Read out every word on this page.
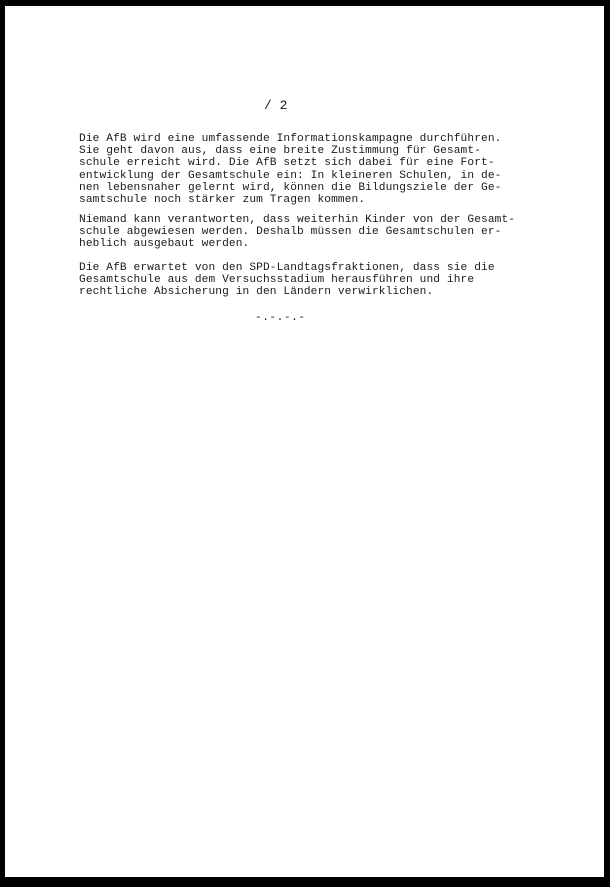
/ 2

Die AfB wird eine umfassende Informationskampagne durchführen.
Sie geht davon aus, dass eine breite Zustimmung für Gesamt-
schule erreicht wird. Die AfB setzt sich dabei für eine Fort-
entwicklung der Gesamtschule ein: In kleineren Schulen, in de-
nen lebensnaher gelernt wird, können die Bildungsziele der Ge-
samtschule noch stärker zum Tragen kommen.

Niemand kann verantworten, dass weiterhin Kinder von der Gesamt-
schule abgewiesen werden. Deshalb müssen die Gesamtschulen er-
heblich ausgebaut werden.

Die AfB erwartet von den SPD-Landtagsfraktionen, dass sie die
Gesamtschule aus dem Versuchsstadium herausführen und ihre
rechtliche Absicherung in den Ländern verwirklichen.

-.-.-.-
